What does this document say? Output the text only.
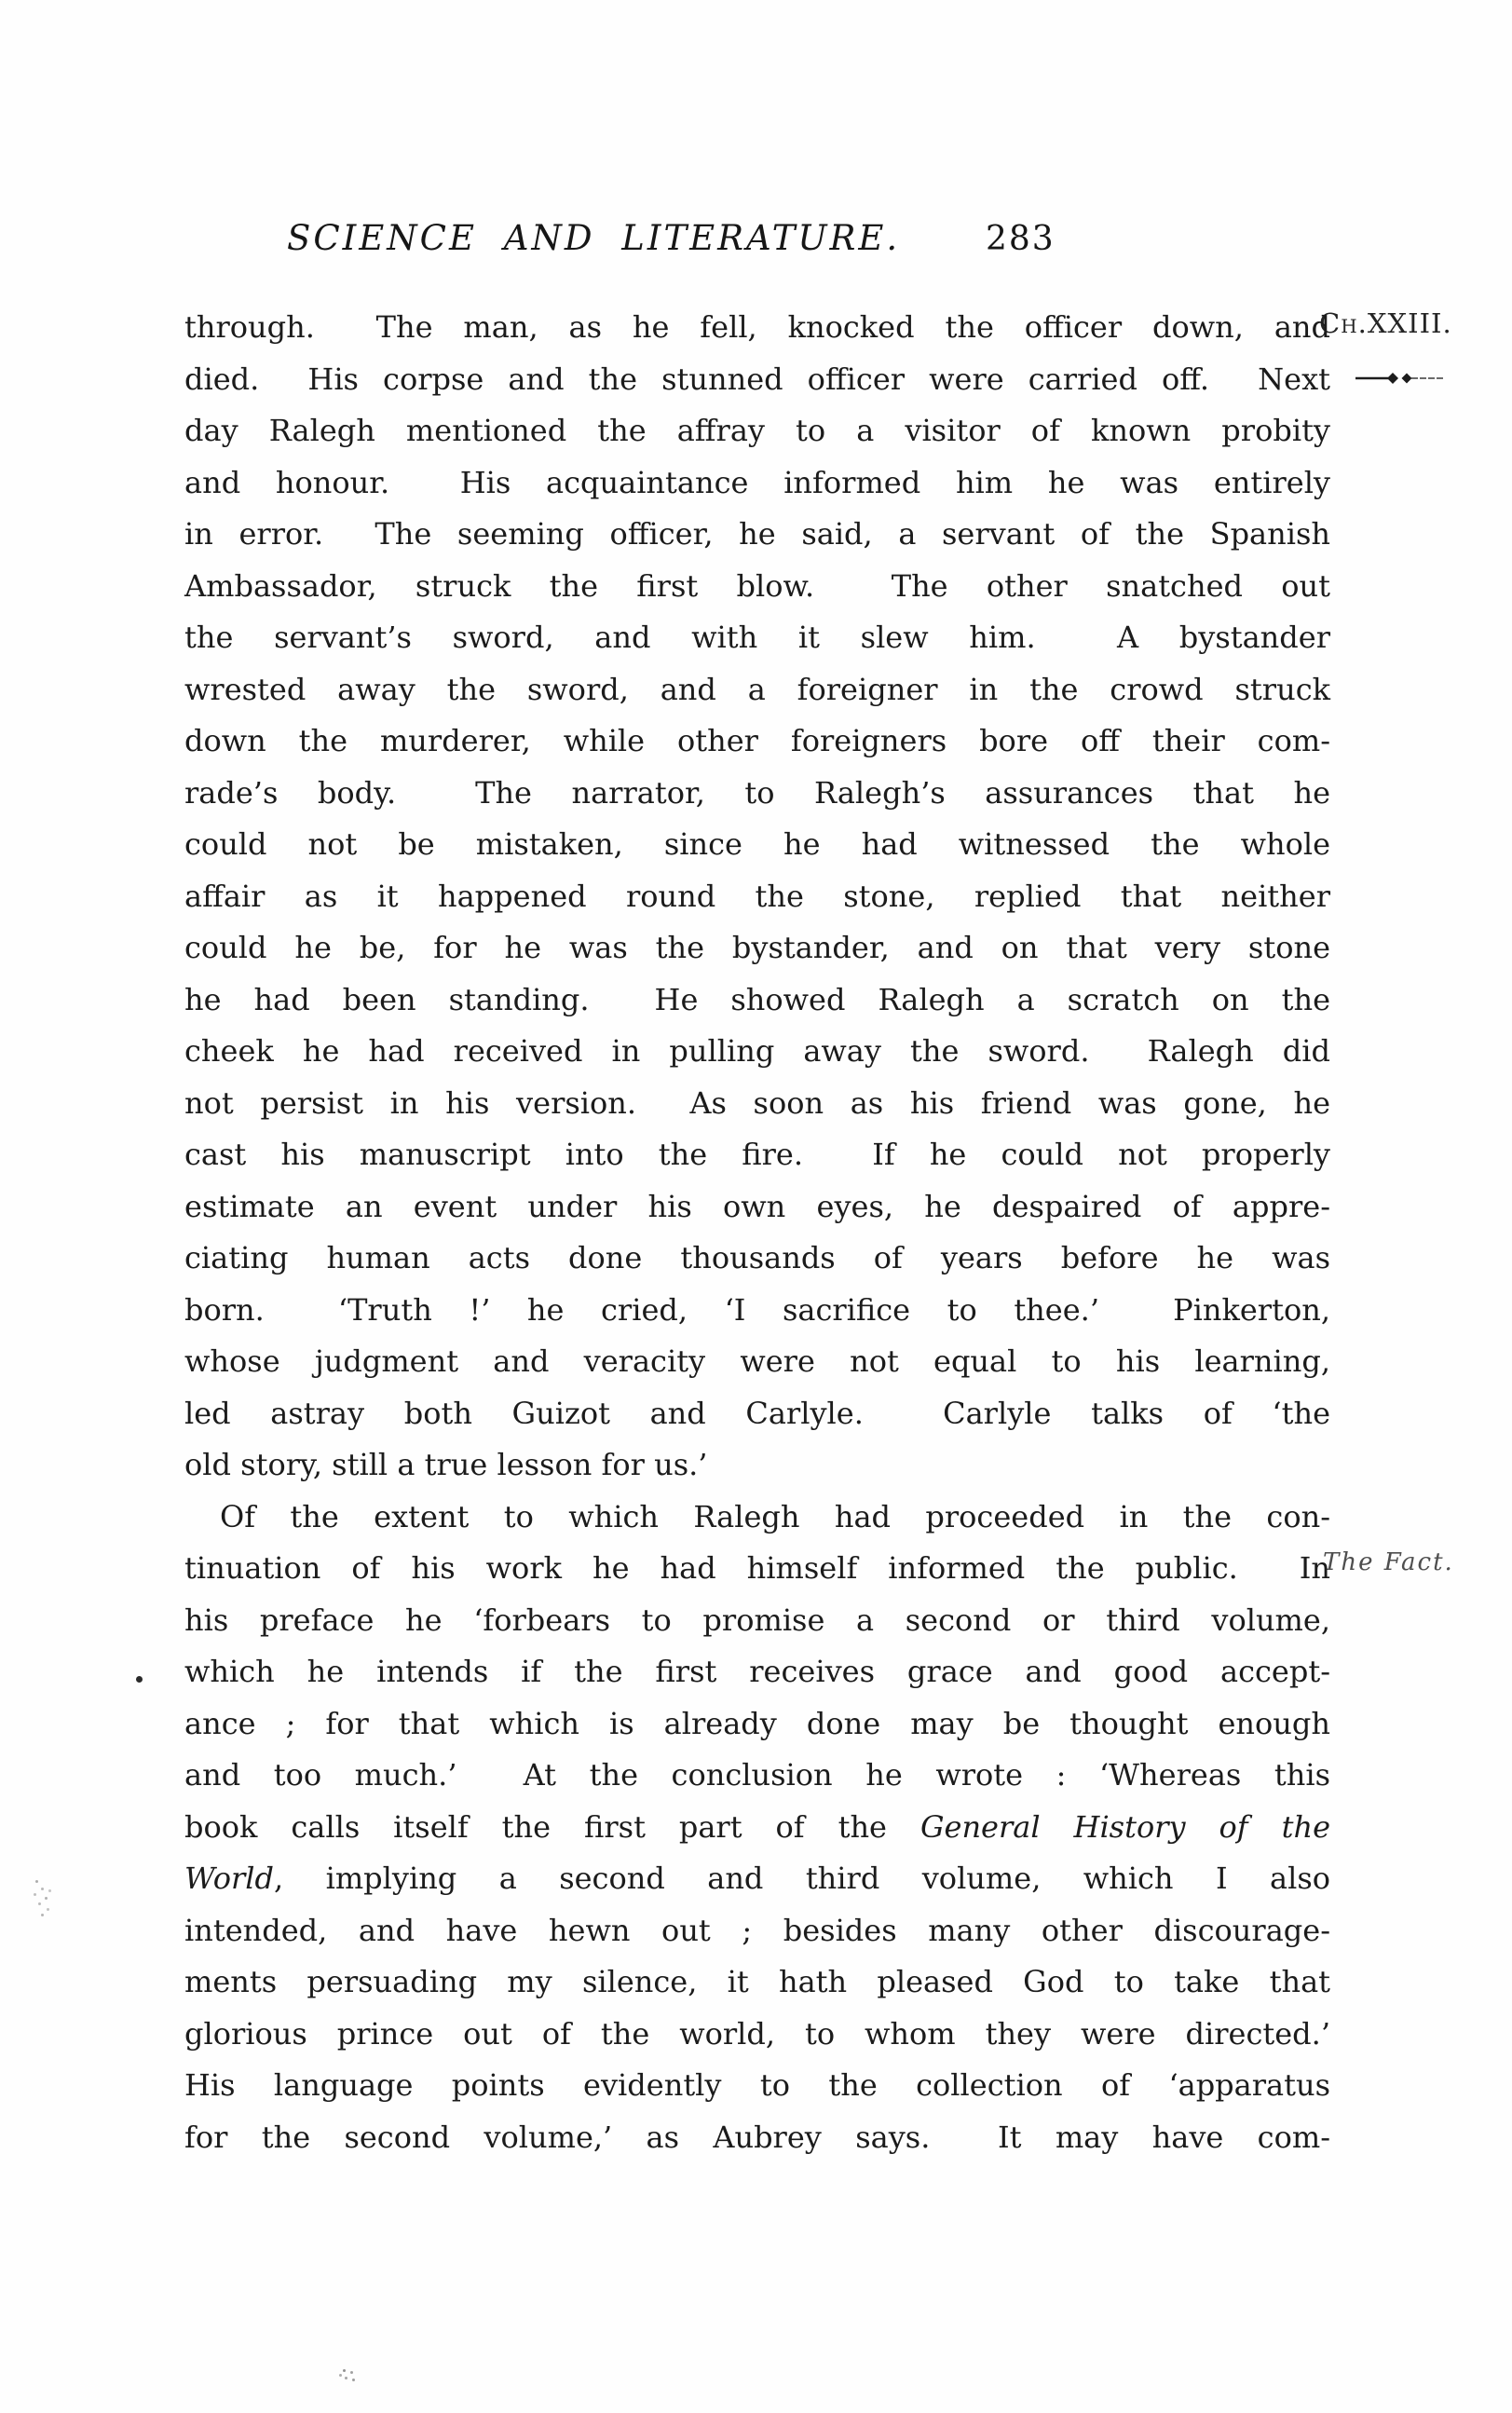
SCIENCE AND LITERATURE.	283
Ch.XXIII.
The Fact.
through.  The man, as he fell, knocked the officer down, and
died.  His corpse and the stunned officer were carried off.  Next
day Ralegh mentioned the affray to a visitor of known probity
and honour.  His acquaintance informed him he was entirely
in error.  The seeming officer, he said, a servant of the Spanish
Ambassador, struck the first blow.  The other snatched out
the servant’s sword, and with it slew him.  A bystander
wrested away the sword, and a foreigner in the crowd struck
down the murderer, while other foreigners bore off their com-
rade’s body.  The narrator, to Ralegh’s assurances that he
could not be mistaken, since he had witnessed the whole
affair as it happened round the stone, replied that neither
could he be, for he was the bystander, and on that very stone
he had been standing.  He showed Ralegh a scratch on the
cheek he had received in pulling away the sword.  Ralegh did
not persist in his version.  As soon as his friend was gone, he
cast his manuscript into the fire.  If he could not properly
estimate an event under his own eyes, he despaired of appre-
ciating human acts done thousands of years before he was
born.  ‘Truth !’ he cried, ‘I sacrifice to thee.’  Pinkerton,
whose judgment and veracity were not equal to his learning,
led astray both Guizot and Carlyle.  Carlyle talks of ‘the
old story, still a true lesson for us.’
Of the extent to which Ralegh had proceeded in the con-
tinuation of his work he had himself informed the public.  In
his preface he ‘forbears to promise a second or third volume,
which he intends if the first receives grace and good accept-
ance ; for that which is already done may be thought enough
and too much.’  At the conclusion he wrote : ‘Whereas this
book calls itself the first part of the General History of the
World, implying a second and third volume, which I also
intended, and have hewn out ; besides many other discourage-
ments persuading my silence, it hath pleased God to take that
glorious prince out of the world, to whom they were directed.’
His language points evidently to the collection of ‘apparatus
for the second volume,’ as Aubrey says.  It may have com-
